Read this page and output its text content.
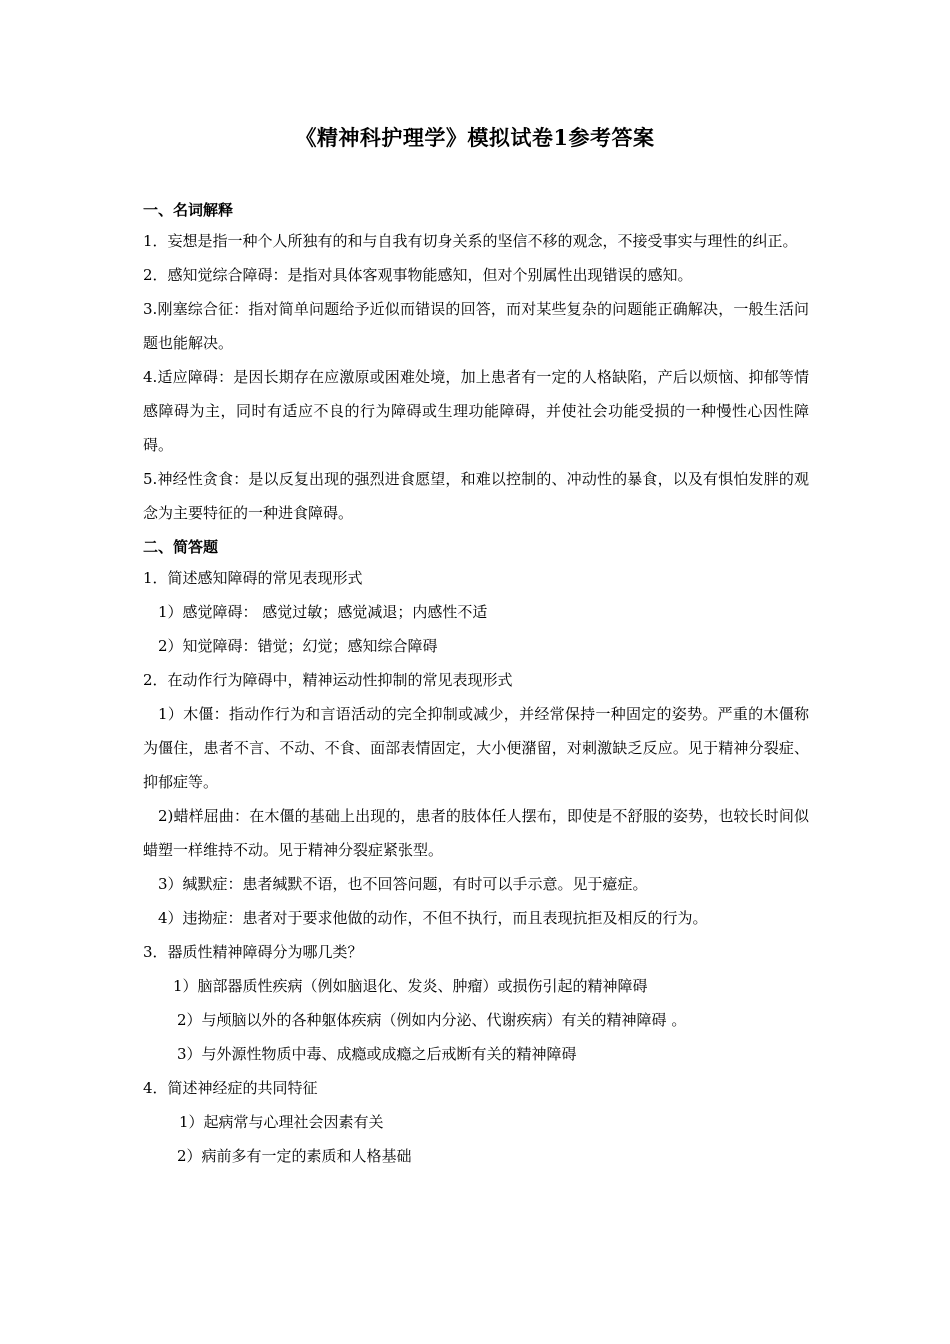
《精神科护理学》模拟试卷1参考答案
一、名词解释
1．妄想是指一种个人所独有的和与自我有切身关系的坚信不移的观念，不接受事实与理性的纠正。
2．感知觉综合障碍：是指对具体客观事物能感知，但对个别属性出现错误的感知。
3.刚塞综合征：指对简单问题给予近似而错误的回答，而对某些复杂的问题能正确解决，一般生活问题也能解决。
4.适应障碍：是因长期存在应激原或困难处境，加上患者有一定的人格缺陷，产后以烦恼、抑郁等情感障碍为主，同时有适应不良的行为障碍或生理功能障碍，并使社会功能受损的一种慢性心因性障碍。
5.神经性贪食：是以反复出现的强烈进食愿望，和难以控制的、冲动性的暴食，以及有惧怕发胖的观念为主要特征的一种进食障碍。
二、简答题
1．简述感知障碍的常见表现形式
1）感觉障碍： 感觉过敏；感觉减退；内感性不适
2）知觉障碍：错觉；幻觉；感知综合障碍
2．在动作行为障碍中，精神运动性抑制的常见表现形式
1）木僵：指动作行为和言语活动的完全抑制或减少，并经常保持一种固定的姿势。严重的木僵称为僵住，患者不言、不动、不食、面部表情固定，大小便潴留，对刺激缺乏反应。见于精神分裂症、抑郁症等。
2)蜡样屈曲：在木僵的基础上出现的，患者的肢体任人摆布，即使是不舒服的姿势，也较长时间似蜡塑一样维持不动。见于精神分裂症紧张型。
3）缄默症：患者缄默不语，也不回答问题，有时可以手示意。见于癔症。
4）违拗症：患者对于要求他做的动作，不但不执行，而且表现抗拒及相反的行为。
3．器质性精神障碍分为哪几类？
1）脑部器质性疾病（例如脑退化、发炎、肿瘤）或损伤引起的精神障碍
2）与颅脑以外的各种躯体疾病（例如内分泌、代谢疾病）有关的精神障碍 。
3）与外源性物质中毒、成瘾或成瘾之后戒断有关的精神障碍
4．简述神经症的共同特征
1）起病常与心理社会因素有关
2）病前多有一定的素质和人格基础
